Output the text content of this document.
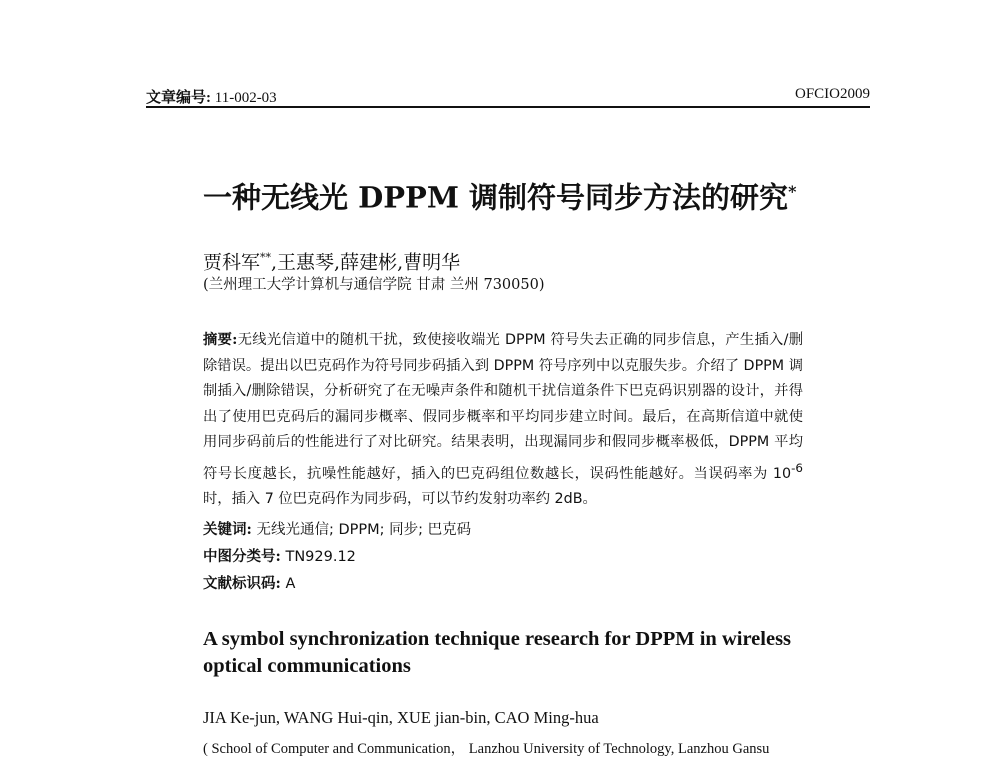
文章编号: 11-002-03	OFCIO2009
一种无线光 DPPM 调制符号同步方法的研究*
贾科军**,王惠琴,薛建彬,曹明华
(兰州理工大学计算机与通信学院 甘肃 兰州 730050)
摘要:无线光信道中的随机干扰，致使接收端光 DPPM 符号失去正确的同步信息，产生插入/删除错误。提出以巴克码作为符号同步码插入到 DPPM 符号序列中以克服失步。介绍了 DPPM 调制插入/删除错误，分析研究了在无噪声条件和随机干扰信道条件下巴克码识别器的设计，并得出了使用巴克码后的漏同步概率、假同步概率和平均同步建立时间。最后，在高斯信道中就使用同步码前后的性能进行了对比研究。结果表明，出现漏同步和假同步概率极低，DPPM 平均符号长度越长，抗噪性能越好，插入的巴克码组位数越长，误码性能越好。当误码率为 $10^{-6}$时，插入 7 位巴克码作为同步码，可以节约发射功率约 2dB。
关键词: 无线光通信; DPPM; 同步; 巴克码
中图分类号: TN929.12
文献标识码: A
A symbol synchronization technique research for DPPM in wireless optical communications
JIA Ke-jun, WANG Hui-qin, XUE jian-bin, CAO Ming-hua
( School of Computer and Communication， Lanzhou University of Technology, Lanzhou Gansu
